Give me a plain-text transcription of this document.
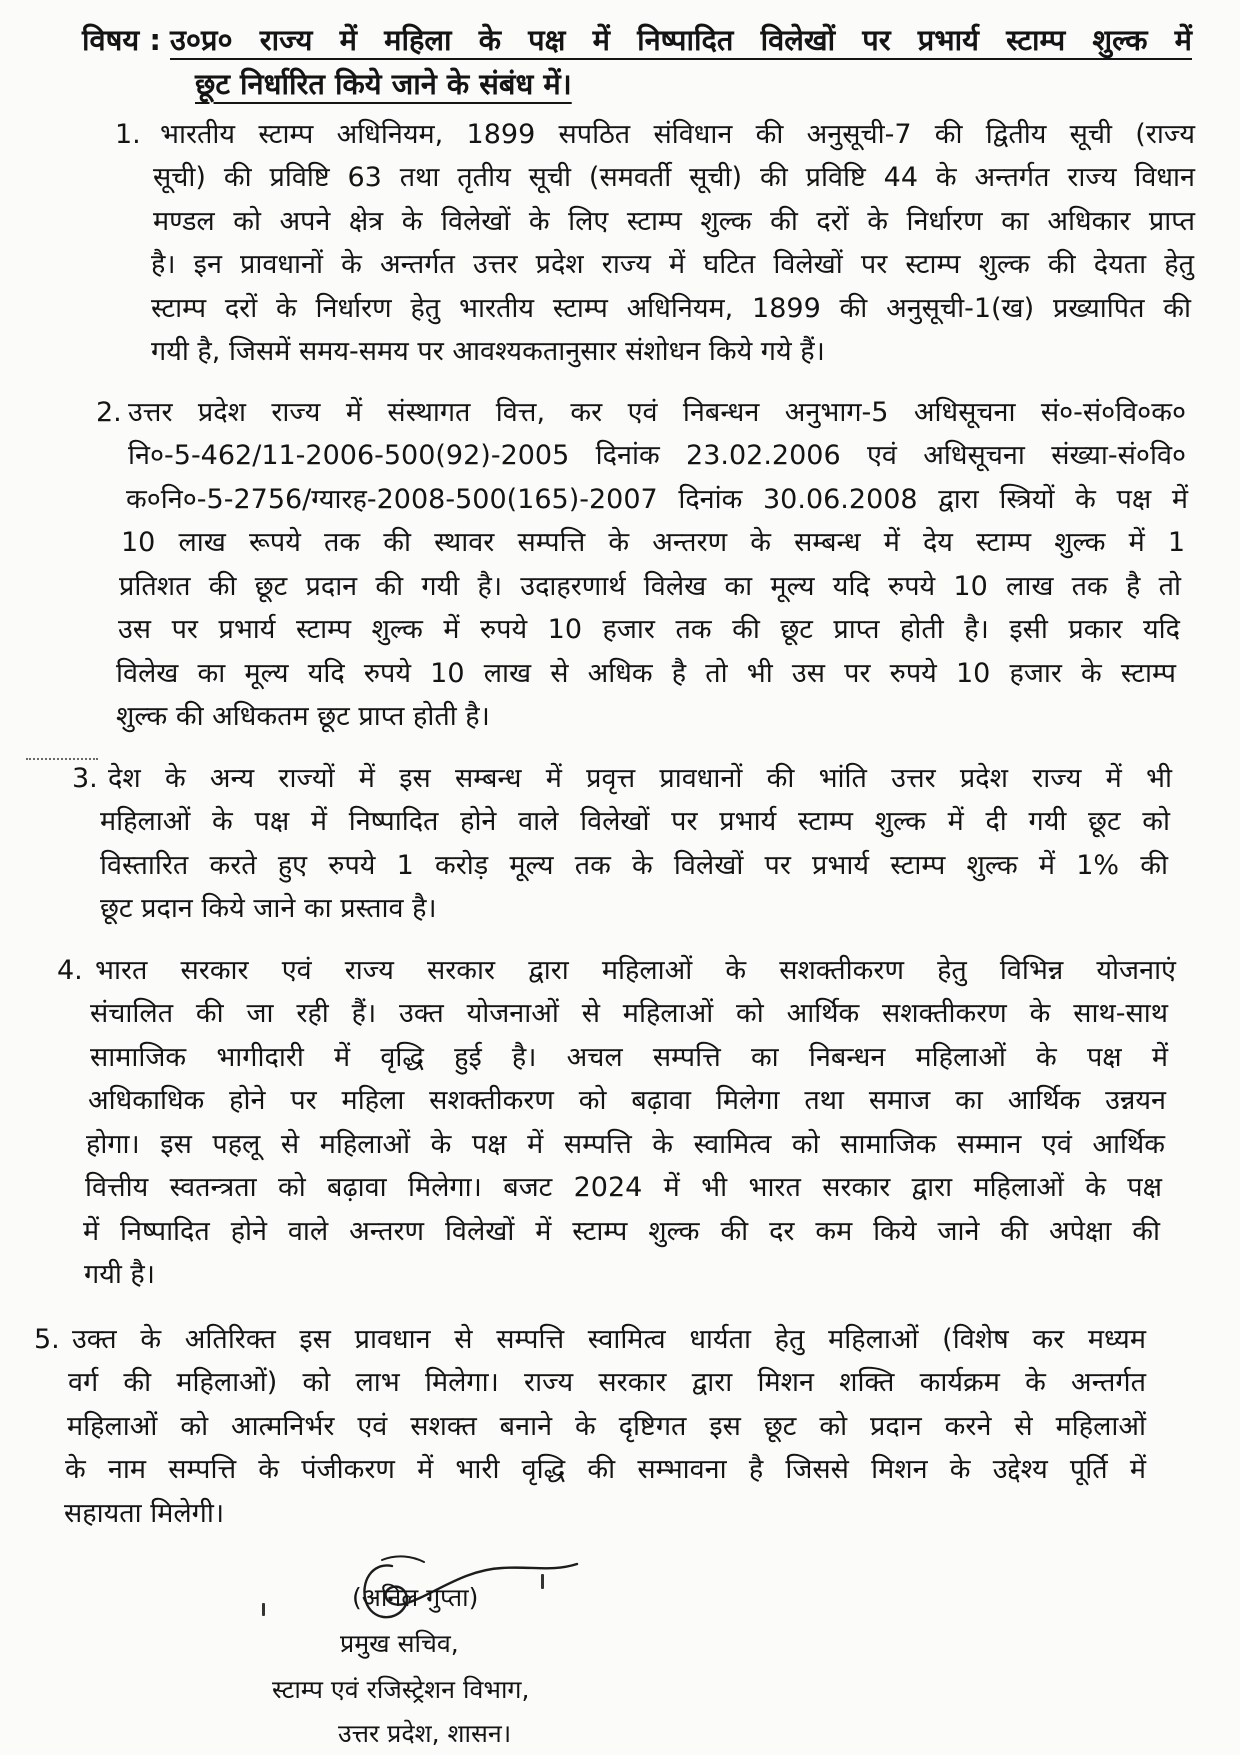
विषय : उ०प्र० राज्य में महिला के पक्ष में निष्पादित विलेखों पर प्रभार्य स्टाम्प शुल्क में
छूट निर्धारित किये जाने के संबंध में।
1. भारतीय स्टाम्प अधिनियम, 1899 सपठित संविधान की अनुसूची-7 की द्वितीय सूची (राज्य
सूची) की प्रविष्टि 63 तथा तृतीय सूची (समवर्ती सूची) की प्रविष्टि 44 के अन्तर्गत राज्य विधान
मण्डल को अपने क्षेत्र के विलेखों के लिए स्टाम्प शुल्क की दरों के निर्धारण का अधिकार प्राप्त
है। इन प्रावधानों के अन्तर्गत उत्तर प्रदेश राज्य में घटित विलेखों पर स्टाम्प शुल्क की देयता हेतु
स्टाम्प दरों के निर्धारण हेतु भारतीय स्टाम्प अधिनियम, 1899 की अनुसूची-1(ख) प्रख्यापित की
गयी है, जिसमें समय-समय पर आवश्यकतानुसार संशोधन किये गये हैं।
2. उत्तर प्रदेश राज्य में संस्थागत वित्त, कर एवं निबन्धन अनुभाग-5 अधिसूचना सं०-सं०वि०क०
नि०-5-462/11-2006-500(92)-2005 दिनांक 23.02.2006 एवं अधिसूचना संख्या-सं०वि०
क०नि०-5-2756/ग्यारह-2008-500(165)-2007 दिनांक 30.06.2008 द्वारा स्त्रियों के पक्ष में
10 लाख रूपये तक की स्थावर सम्पत्ति के अन्तरण के सम्बन्ध में देय स्टाम्प शुल्क में 1
प्रतिशत की छूट प्रदान की गयी है। उदाहरणार्थ विलेख का मूल्य यदि रुपये 10 लाख तक है तो
उस पर प्रभार्य स्टाम्प शुल्क में रुपये 10 हजार तक की छूट प्राप्त होती है। इसी प्रकार यदि
विलेख का मूल्य यदि रुपये 10 लाख से अधिक है तो भी उस पर रुपये 10 हजार के स्टाम्प
शुल्क की अधिकतम छूट प्राप्त होती है।
3. देश के अन्य राज्यों में इस सम्बन्ध में प्रवृत्त प्रावधानों की भांति उत्तर प्रदेश राज्य में भी
महिलाओं के पक्ष में निष्पादित होने वाले विलेखों पर प्रभार्य स्टाम्प शुल्क में दी गयी छूट को
विस्तारित करते हुए रुपये 1 करोड़ मूल्य तक के विलेखों पर प्रभार्य स्टाम्प शुल्क में 1% की
छूट प्रदान किये जाने का प्रस्ताव है।
4. भारत सरकार एवं राज्य सरकार द्वारा महिलाओं के सशक्तीकरण हेतु विभिन्न योजनाएं
संचालित की जा रही हैं। उक्त योजनाओं से महिलाओं को आर्थिक सशक्तीकरण के साथ-साथ
सामाजिक भागीदारी में वृद्धि हुई है। अचल सम्पत्ति का निबन्धन महिलाओं के पक्ष में
अधिकाधिक होने पर महिला सशक्तीकरण को बढ़ावा मिलेगा तथा समाज का आर्थिक उन्नयन
होगा। इस पहलू से महिलाओं के पक्ष में सम्पत्ति के स्वामित्व को सामाजिक सम्मान एवं आर्थिक
वित्तीय स्वतन्त्रता को बढ़ावा मिलेगा। बजट 2024 में भी भारत सरकार द्वारा महिलाओं के पक्ष
में निष्पादित होने वाले अन्तरण विलेखों में स्टाम्प शुल्क की दर कम किये जाने की अपेक्षा की
गयी है।
5. उक्त के अतिरिक्त इस प्रावधान से सम्पत्ति स्वामित्व धार्यता हेतु महिलाओं (विशेष कर मध्यम
वर्ग की महिलाओं) को लाभ मिलेगा। राज्य सरकार द्वारा मिशन शक्ति कार्यक्रम के अन्तर्गत
महिलाओं को आत्मनिर्भर एवं सशक्त बनाने के दृष्टिगत इस छूट को प्रदान करने से महिलाओं
के नाम सम्पत्ति के पंजीकरण में भारी वृद्धि की सम्भावना है जिससे मिशन के उद्देश्य पूर्ति में
सहायता मिलेगी।
(अनिल गुप्ता)
प्रमुख सचिव,
स्टाम्प एवं रजिस्ट्रेशन विभाग,
उत्तर प्रदेश, शासन।
